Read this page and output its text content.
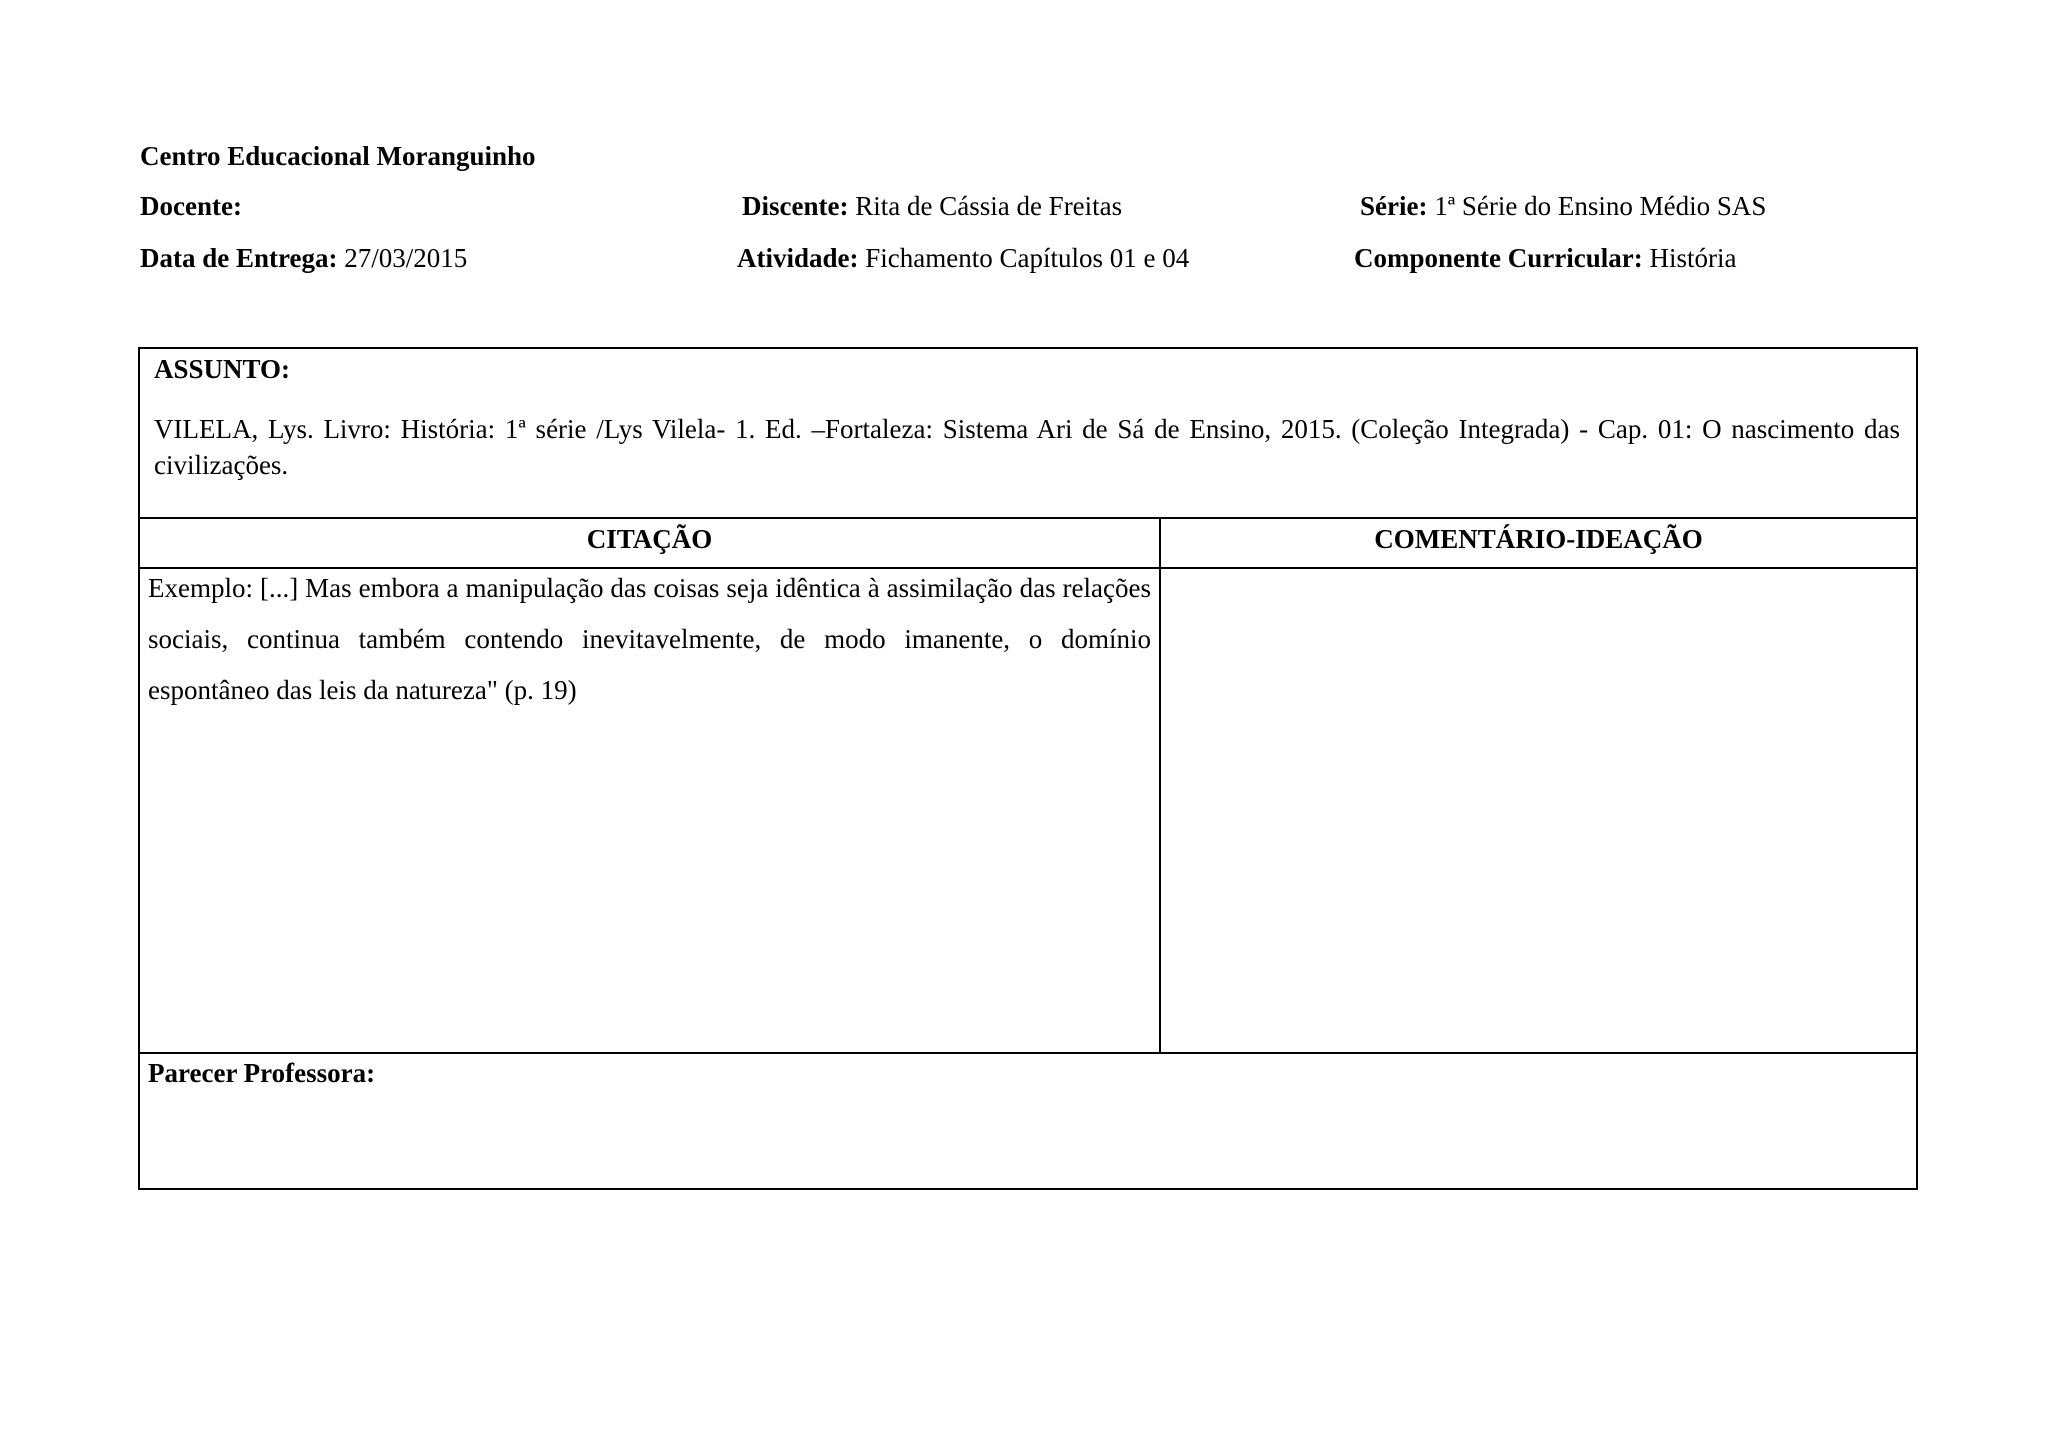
Centro Educacional Moranguinho
Docente:	Discente: Rita de Cássia de Freitas	Série: 1ª Série do Ensino Médio SAS
Data de Entrega: 27/03/2015	Atividade: Fichamento Capítulos 01 e 04	Componente Curricular: História
ASSUNTO:
VILELA, Lys. Livro: História: 1ª série /Lys Vilela- 1. Ed. –Fortaleza: Sistema Ari de Sá de Ensino, 2015. (Coleção Integrada) - Cap. 01: O nascimento das civilizações.
CITAÇÃO	COMENTÁRIO-IDEAÇÃO
Exemplo: [...] Mas embora a manipulação das coisas seja idêntica à assimilação das relações sociais, continua também contendo inevitavelmente, de modo imanente, o domínio espontâneo das leis da natureza" (p. 19)
Parecer Professora:
